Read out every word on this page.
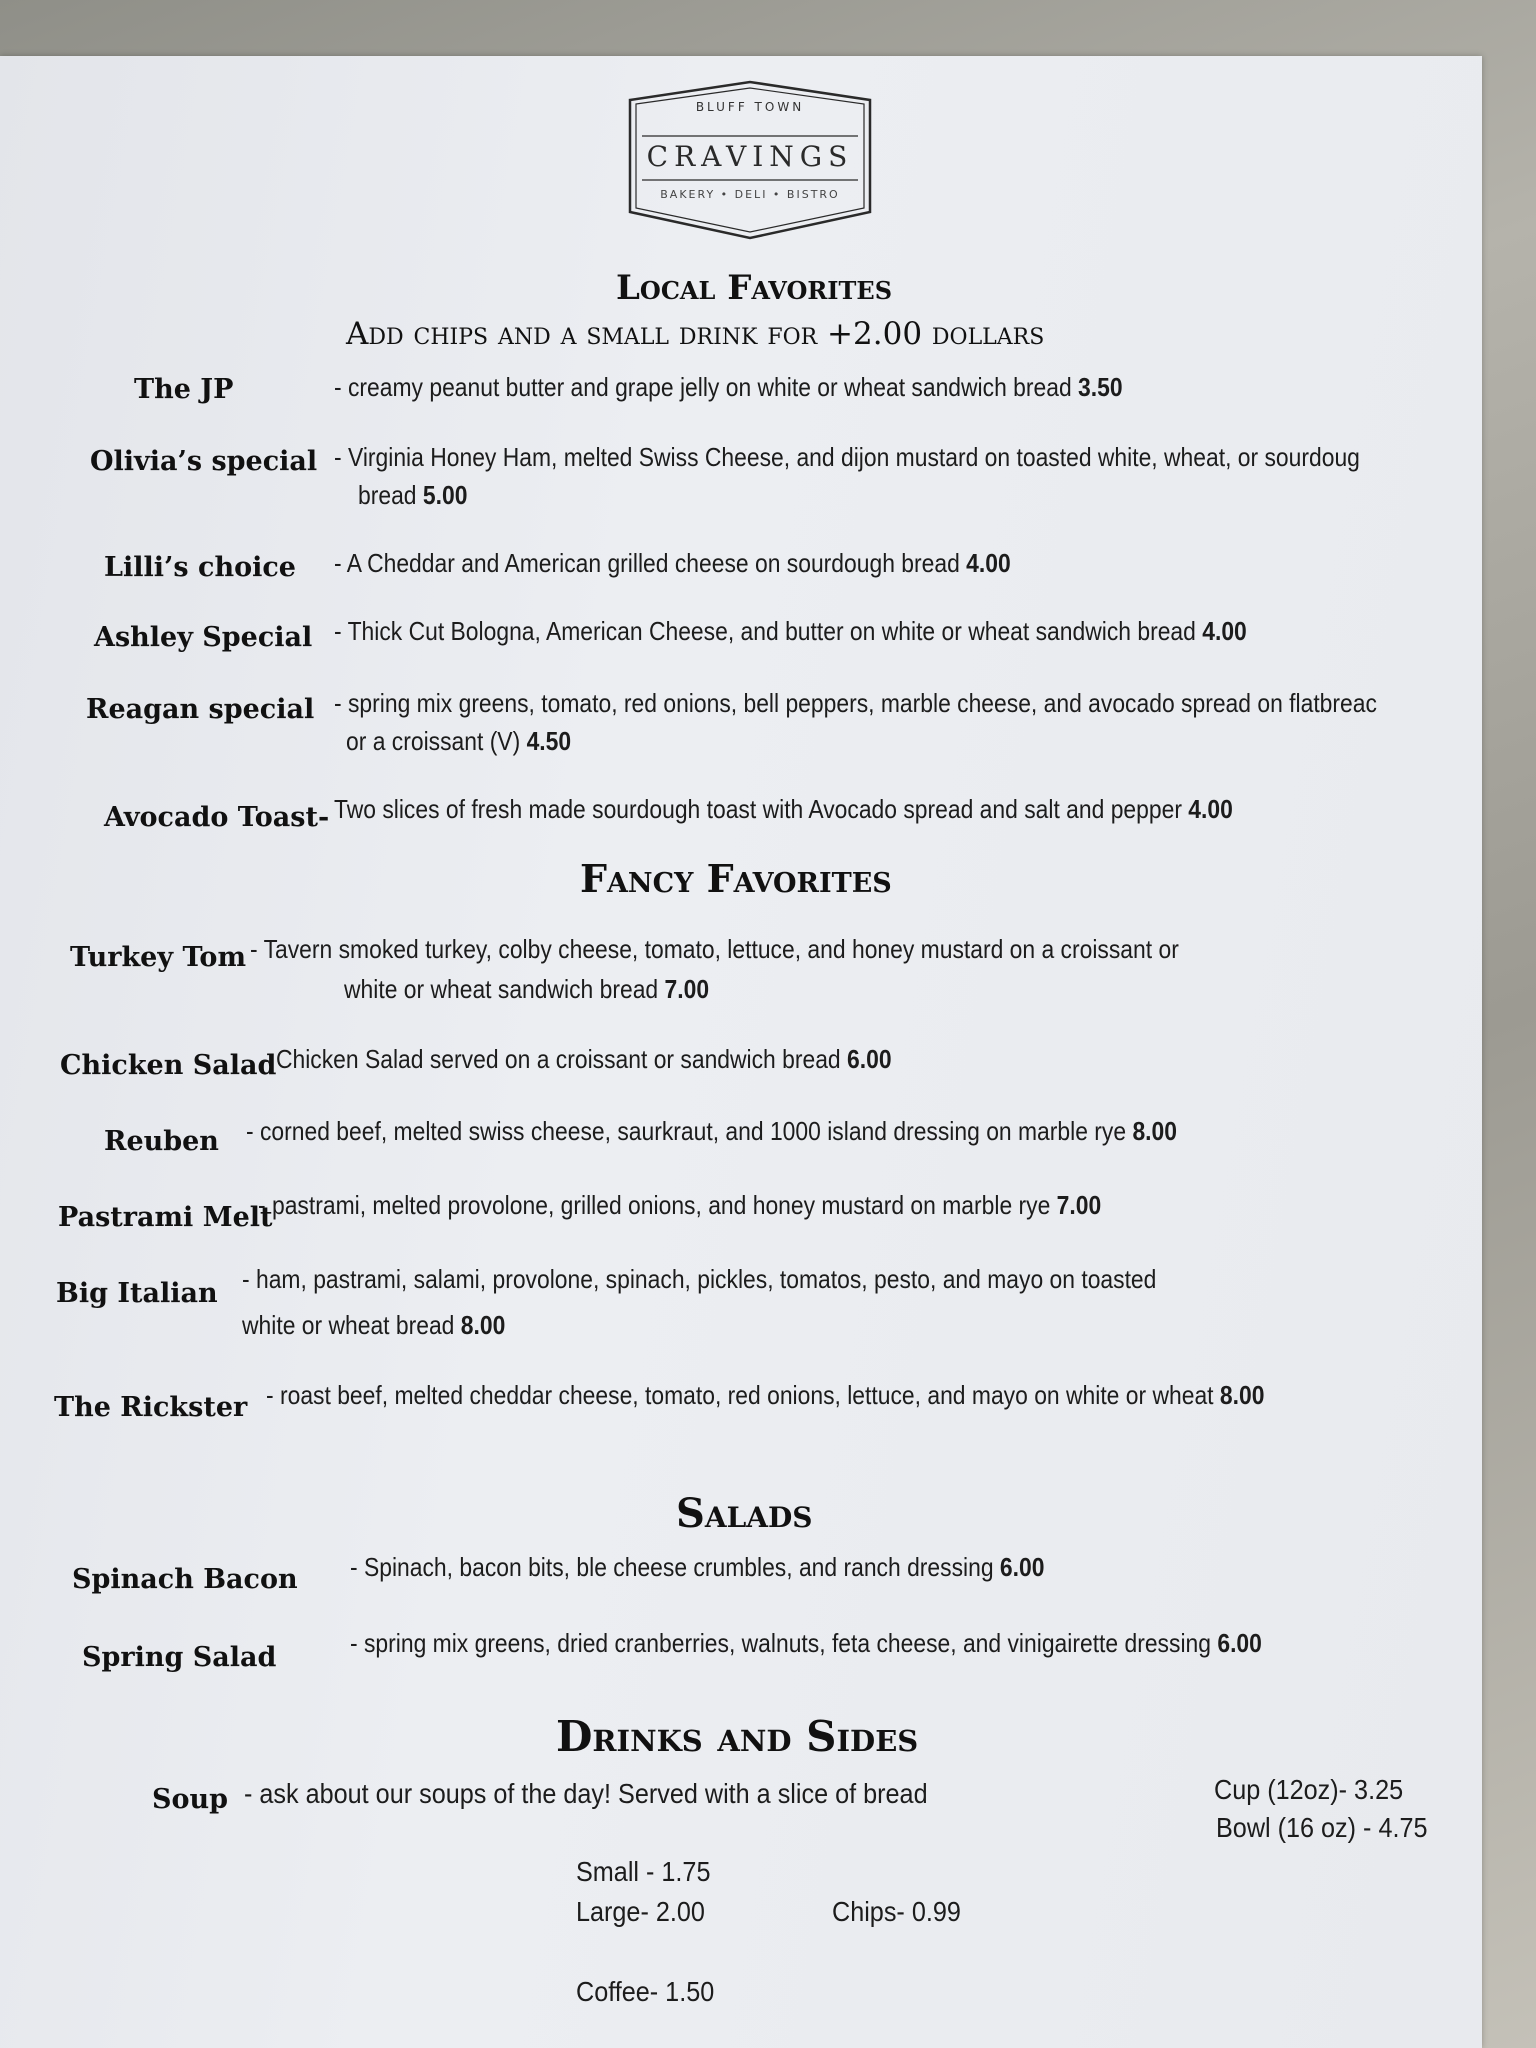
BLUFF TOWN
CRAVINGS
BAKERY • DELI • BISTRO
Local Favorites
Add chips and a small drink for +2.00 dollars
The JP	- creamy peanut butter and grape jelly on white or wheat sandwich bread 3.50
Olivia’s special - Virginia Honey Ham, melted Swiss Cheese, and dijon mustard on toasted white, wheat, or sourdoug
bread 5.00
Lilli’s choice - A Cheddar and American grilled cheese on sourdough bread 4.00
Ashley Special - Thick Cut Bologna, American Cheese, and butter on white or wheat sandwich bread 4.00
Reagan special - spring mix greens, tomato, red onions, bell peppers, marble cheese, and avocado spread on flatbreac
or a croissant (V) 4.50
Avocado Toast- Two slices of fresh made sourdough toast with Avocado spread and salt and pepper 4.00
Fancy Favorites
Turkey Tom - Tavern smoked turkey, colby cheese, tomato, lettuce, and honey mustard on a croissant or
white or wheat sandwich bread 7.00
Chicken Salad
- Chicken Salad served on a croissant or sandwich bread 6.00
Reuben - corned beef, melted swiss cheese, saurkraut, and 1000 island dressing on marble rye 8.00
Pastrami Melt
- pastrami, melted provolone, grilled onions, and honey mustard on marble rye 7.00
Big Italian - ham, pastrami, salami, provolone, spinach, pickles, tomatos, pesto, and mayo on toasted
white or wheat bread 8.00
The Rickster - roast beef, melted cheddar cheese, tomato, red onions, lettuce, and mayo on white or wheat 8.00
Salads
Spinach Bacon - Spinach, bacon bits, ble cheese crumbles, and ranch dressing 6.00
Spring Salad	- spring mix greens, dried cranberries, walnuts, feta cheese, and vinigairette dressing 6.00
Drinks and Sides
Soup - ask about our soups of the day! Served with a slice of bread	Cup (12oz)- 3.25
Bowl (16 oz) - 4.75
Small - 1.75
Large- 2.00	Chips- 0.99
Coffee- 1.50
